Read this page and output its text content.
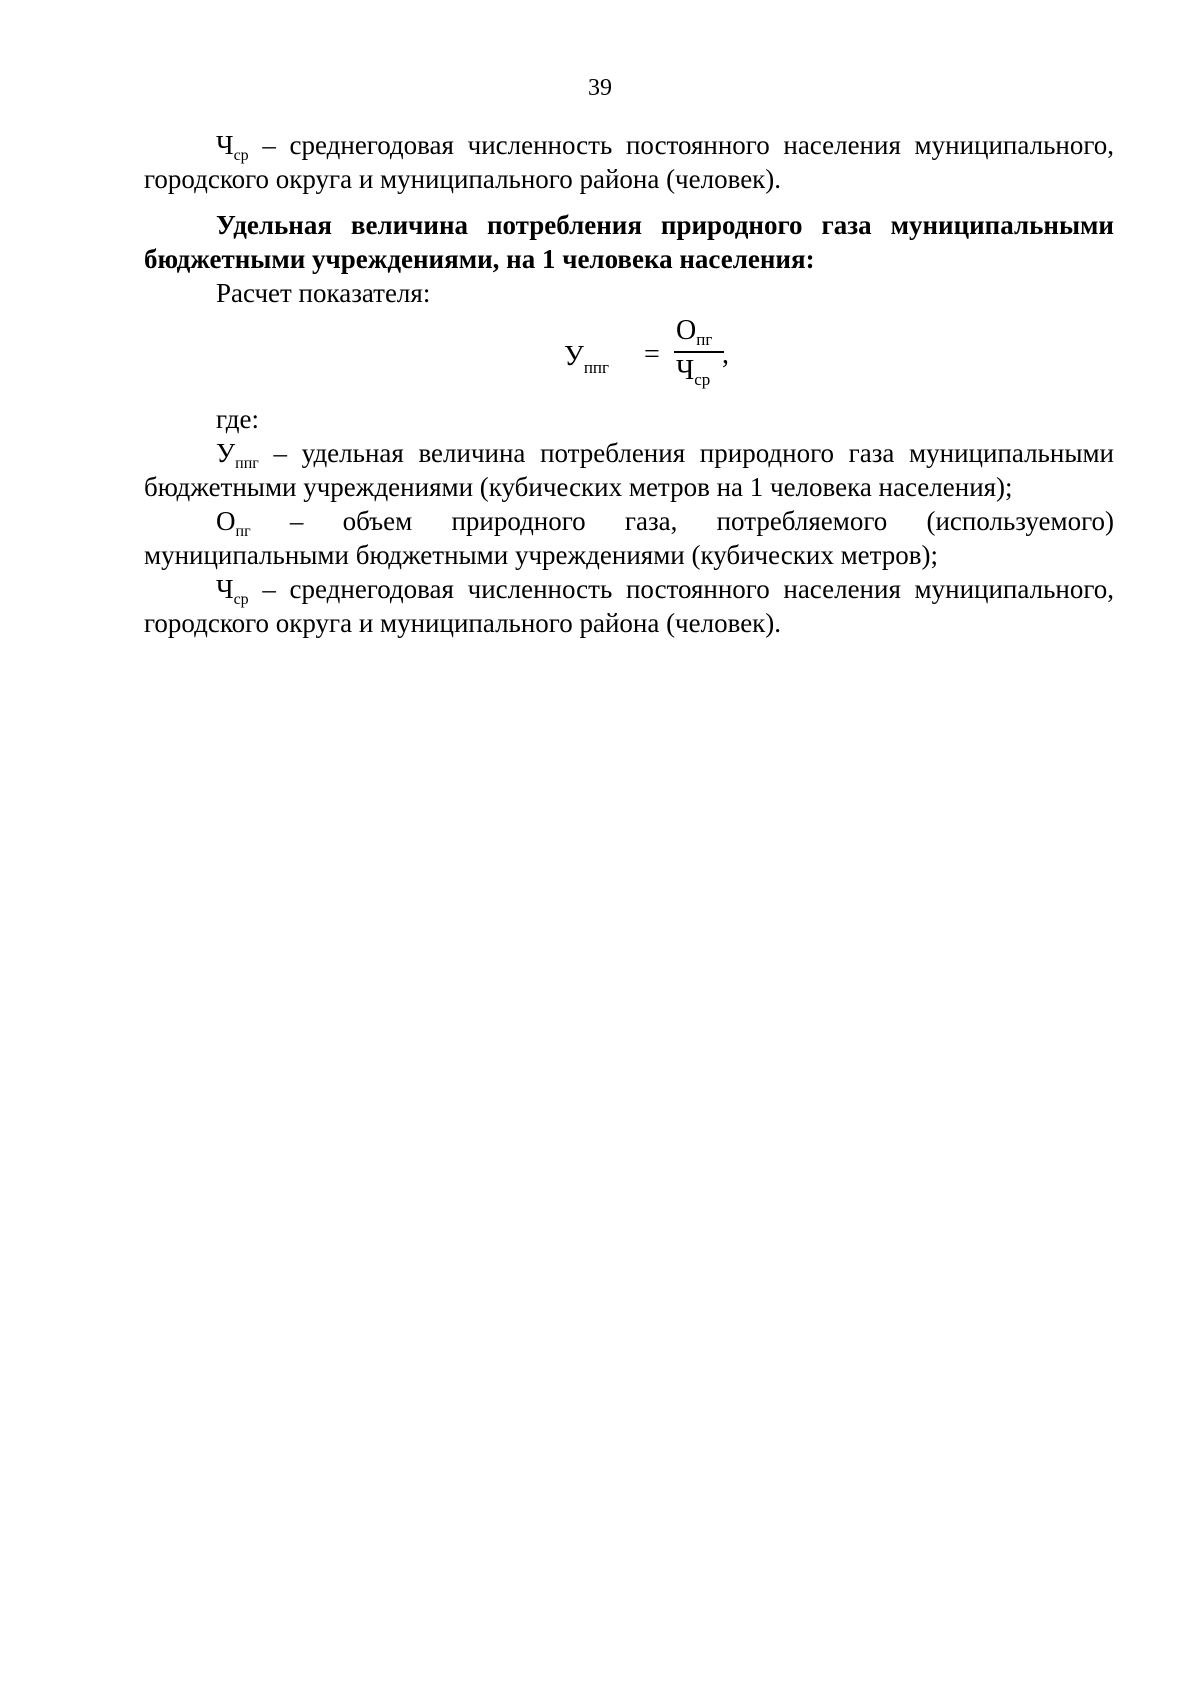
39

$Ч_{ср}$ – среднегодовая численность постоянного населения муниципального, городского округа и муниципального района (человек).

Удельная величина потребления природного газа муниципальными бюджетными учреждениями, на 1 человека населения:

Расчет показателя:

$У_{ппг}$ =
$О_{пг}$
$Ч_{ср}$
,

где:

$У_{ппг}$ – удельная величина потребления природного газа муниципальными бюджетными учреждениями (кубических метров на 1 человека населения);

$О_{пг}$ – объем природного газа, потребляемого (используемого) муниципальными бюджетными учреждениями (кубических метров);

$Ч_{ср}$ – среднегодовая численность постоянного населения муниципального, городского округа и муниципального района (человек).
